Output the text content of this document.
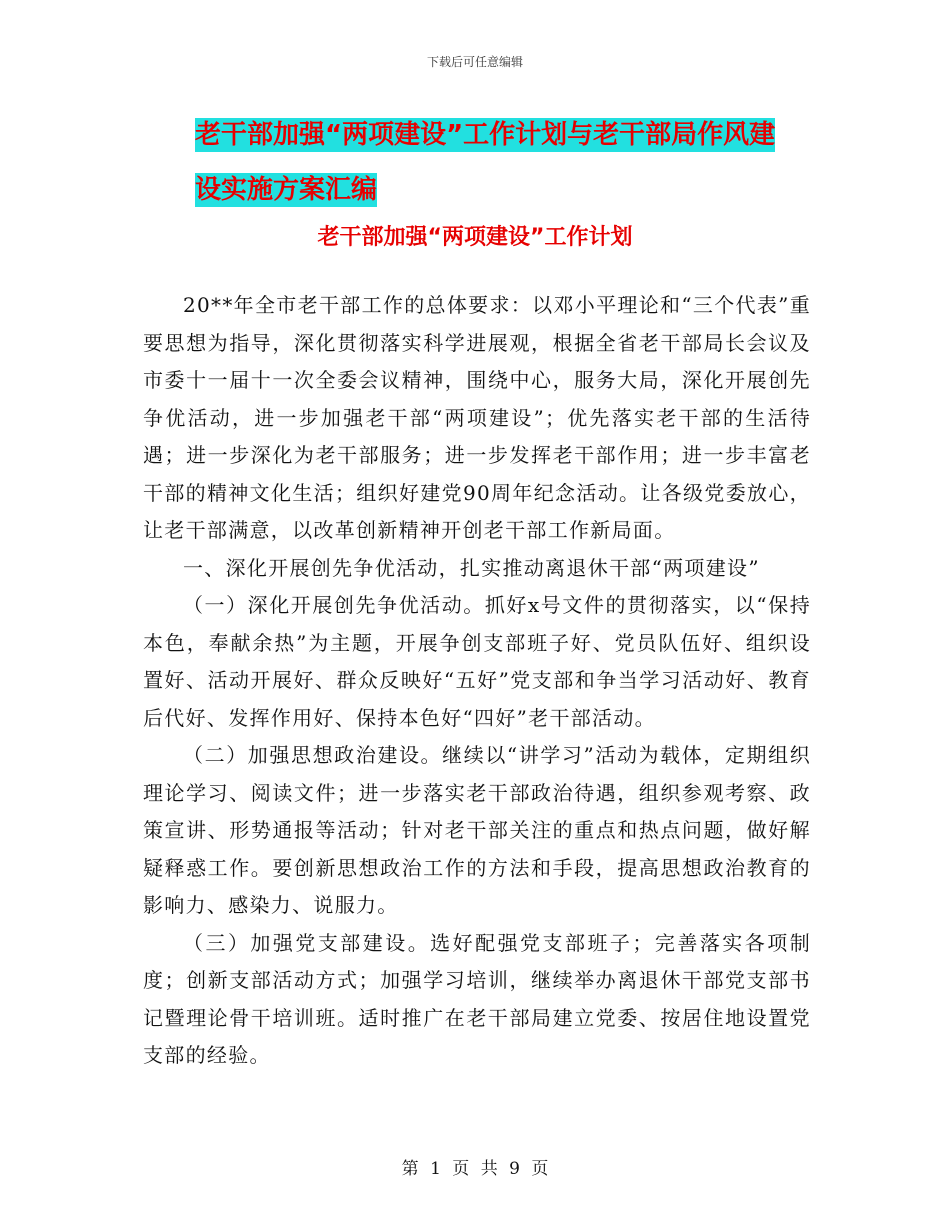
下载后可任意编辑
老干部加强“两项建设”工作计划与老干部局作风建
设实施方案汇编
老干部加强“两项建设”工作计划

20**年全市老干部工作的总体要求：以邓小平理论和“三个代表”重要思想为指导，深化贯彻落实科学进展观，根据全省老干部局长会议及市委十一届十一次全委会议精神，围绕中心，服务大局，深化开展创先争优活动，进一步加强老干部“两项建设”；优先落实老干部的生活待遇；进一步深化为老干部服务；进一步发挥老干部作用；进一步丰富老干部的精神文化生活；组织好建党90周年纪念活动。让各级党委放心，让老干部满意，以改革创新精神开创老干部工作新局面。

一、深化开展创先争优活动，扎实推动离退休干部“两项建设”

（一）深化开展创先争优活动。抓好x号文件的贯彻落实，以“保持本色，奉献余热”为主题，开展争创支部班子好、党员队伍好、组织设置好、活动开展好、群众反映好“五好”党支部和争当学习活动好、教育后代好、发挥作用好、保持本色好“四好”老干部活动。

（二）加强思想政治建设。继续以“讲学习”活动为载体，定期组织理论学习、阅读文件；进一步落实老干部政治待遇，组织参观考察、政策宣讲、形势通报等活动；针对老干部关注的重点和热点问题，做好解疑释惑工作。要创新思想政治工作的方法和手段，提高思想政治教育的影响力、感染力、说服力。

（三）加强党支部建设。选好配强党支部班子；完善落实各项制度；创新支部活动方式；加强学习培训，继续举办离退休干部党支部书记暨理论骨干培训班。适时推广在老干部局建立党委、按居住地设置党支部的经验。

第 1 页 共 9 页
